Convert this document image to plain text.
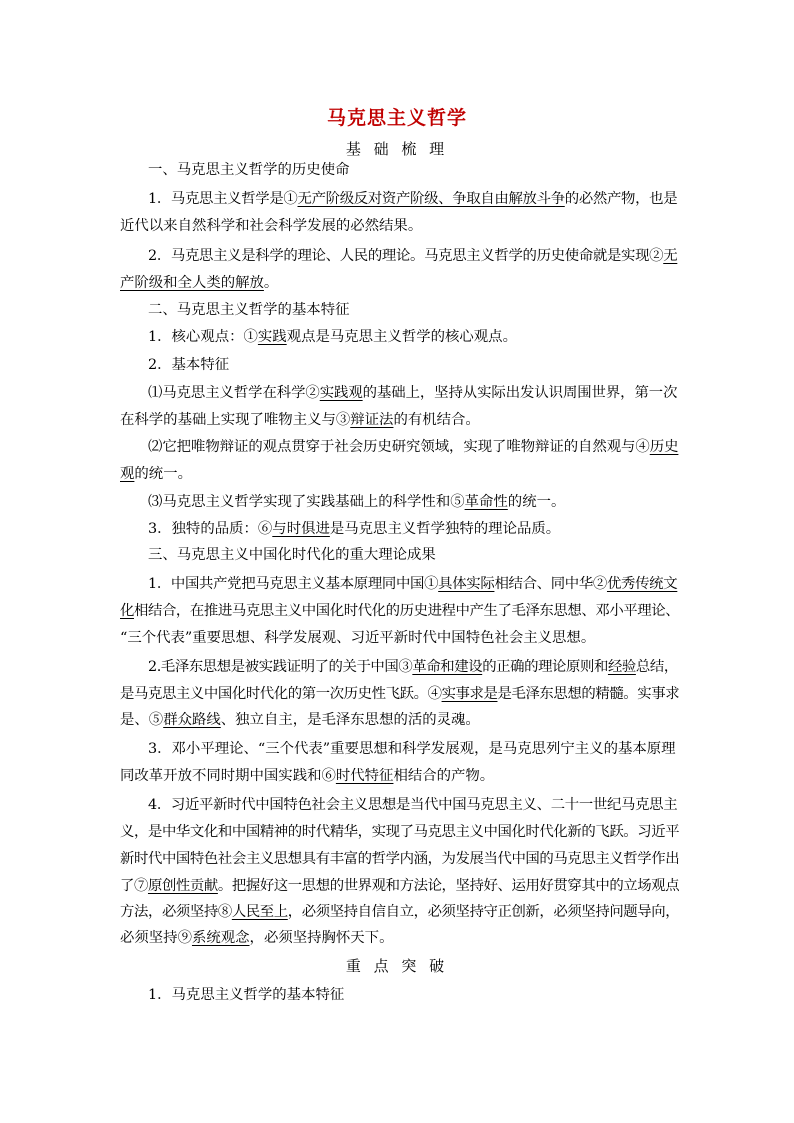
马克思主义哲学
基 础 梳 理
一、马克思主义哲学的历史使命
1．马克思主义哲学是①无产阶级反对资产阶级、争取自由解放斗争的必然产物，也是
近代以来自然科学和社会科学发展的必然结果。
2．马克思主义是科学的理论、人民的理论。马克思主义哲学的历史使命就是实现②无
产阶级和全人类的解放。
二、马克思主义哲学的基本特征
1．核心观点：①实践观点是马克思主义哲学的核心观点。
2．基本特征
⑴马克思主义哲学在科学②实践观的基础上，坚持从实际出发认识周围世界，第一次
在科学的基础上实现了唯物主义与③辩证法的有机结合。
⑵它把唯物辩证的观点贯穿于社会历史研究领域，实现了唯物辩证的自然观与④历史
观的统一。
⑶马克思主义哲学实现了实践基础上的科学性和⑤革命性的统一。
3．独特的品质：⑥与时俱进是马克思主义哲学独特的理论品质。
三、马克思主义中国化时代化的重大理论成果
1．中国共产党把马克思主义基本原理同中国①具体实际相结合、同中华②优秀传统文
化相结合，在推进马克思主义中国化时代化的历史进程中产生了毛泽东思想、邓小平理论、
“三个代表”重要思想、科学发展观、习近平新时代中国特色社会主义思想。
2.毛泽东思想是被实践证明了的关于中国③革命和建设的正确的理论原则和经验总结，
是马克思主义中国化时代化的第一次历史性飞跃。④实事求是是毛泽东思想的精髓。实事求
是、⑤群众路线、独立自主，是毛泽东思想的活的灵魂。
3．邓小平理论、“三个代表”重要思想和科学发展观，是马克思列宁主义的基本原理
同改革开放不同时期中国实践和⑥时代特征相结合的产物。
4．习近平新时代中国特色社会主义思想是当代中国马克思主义、二十一世纪马克思主
义，是中华文化和中国精神的时代精华，实现了马克思主义中国化时代化新的飞跃。习近平
新时代中国特色社会主义思想具有丰富的哲学内涵，为发展当代中国的马克思主义哲学作出
了⑦原创性贡献。把握好这一思想的世界观和方法论，坚持好、运用好贯穿其中的立场观点
方法，必须坚持⑧人民至上，必须坚持自信自立，必须坚持守正创新，必须坚持问题导向，
必须坚持⑨系统观念，必须坚持胸怀天下。
重 点 突 破
1．马克思主义哲学的基本特征
